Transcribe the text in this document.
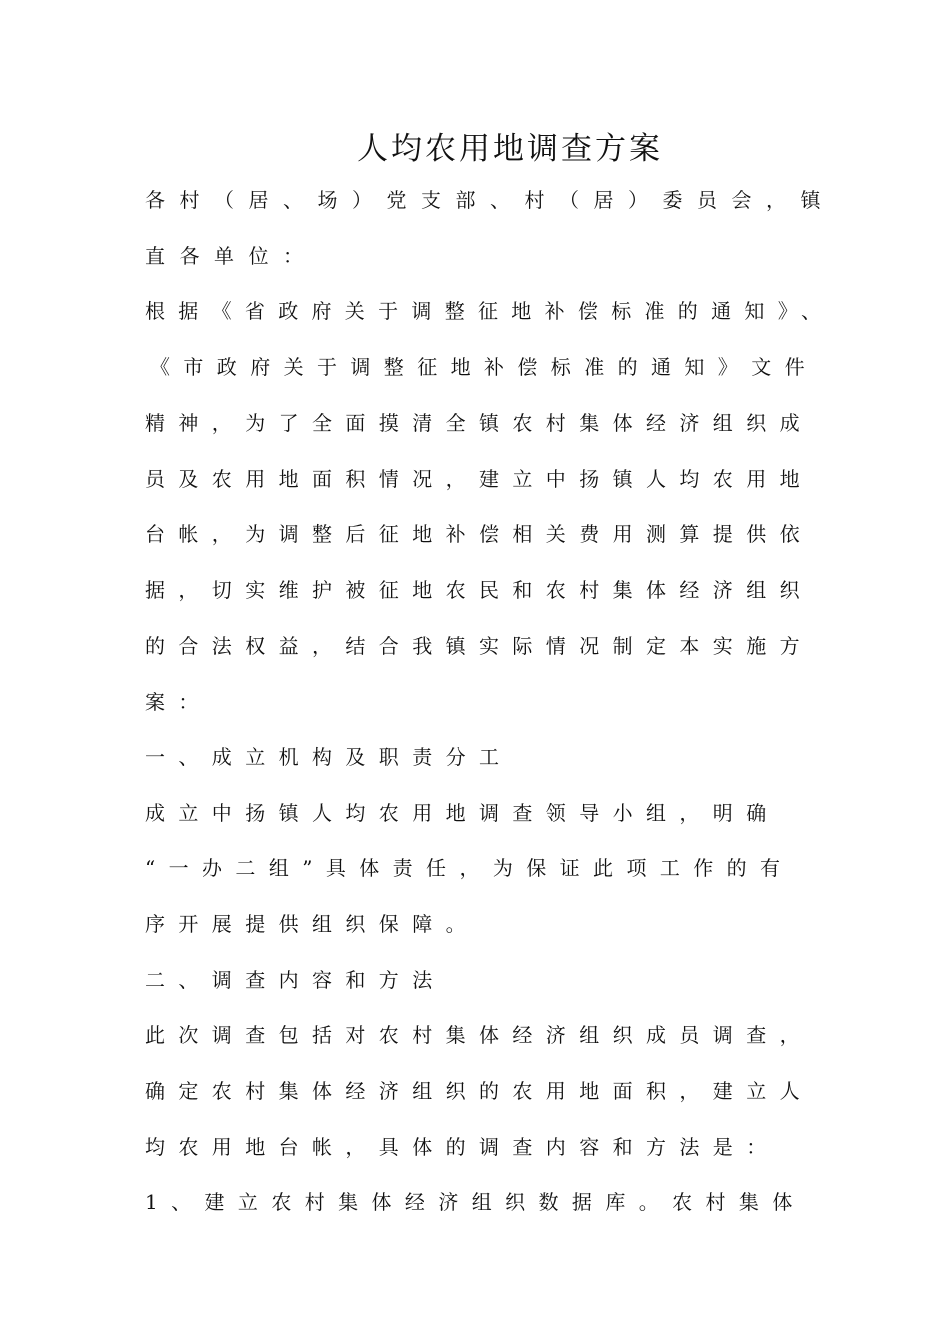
人均农用地调查方案
各村（居、场）党支部、村（居）委员会，镇
直各单位：
根据《省政府关于调整征地补偿标准的通知》、
《市政府关于调整征地补偿标准的通知》文件
精神，为了全面摸清全镇农村集体经济组织成
员及农用地面积情况，建立中扬镇人均农用地
台帐，为调整后征地补偿相关费用测算提供依
据，切实维护被征地农民和农村集体经济组织
的合法权益，结合我镇实际情况制定本实施方
案：
一、成立机构及职责分工
成立中扬镇人均农用地调查领导小组，明确
“一办二组”具体责任，为保证此项工作的有
序开展提供组织保障。
二、调查内容和方法
此次调查包括对农村集体经济组织成员调查，
确定农村集体经济组织的农用地面积，建立人
均农用地台帐，具体的调查内容和方法是：
1、建立农村集体经济组织数据库。农村集体
